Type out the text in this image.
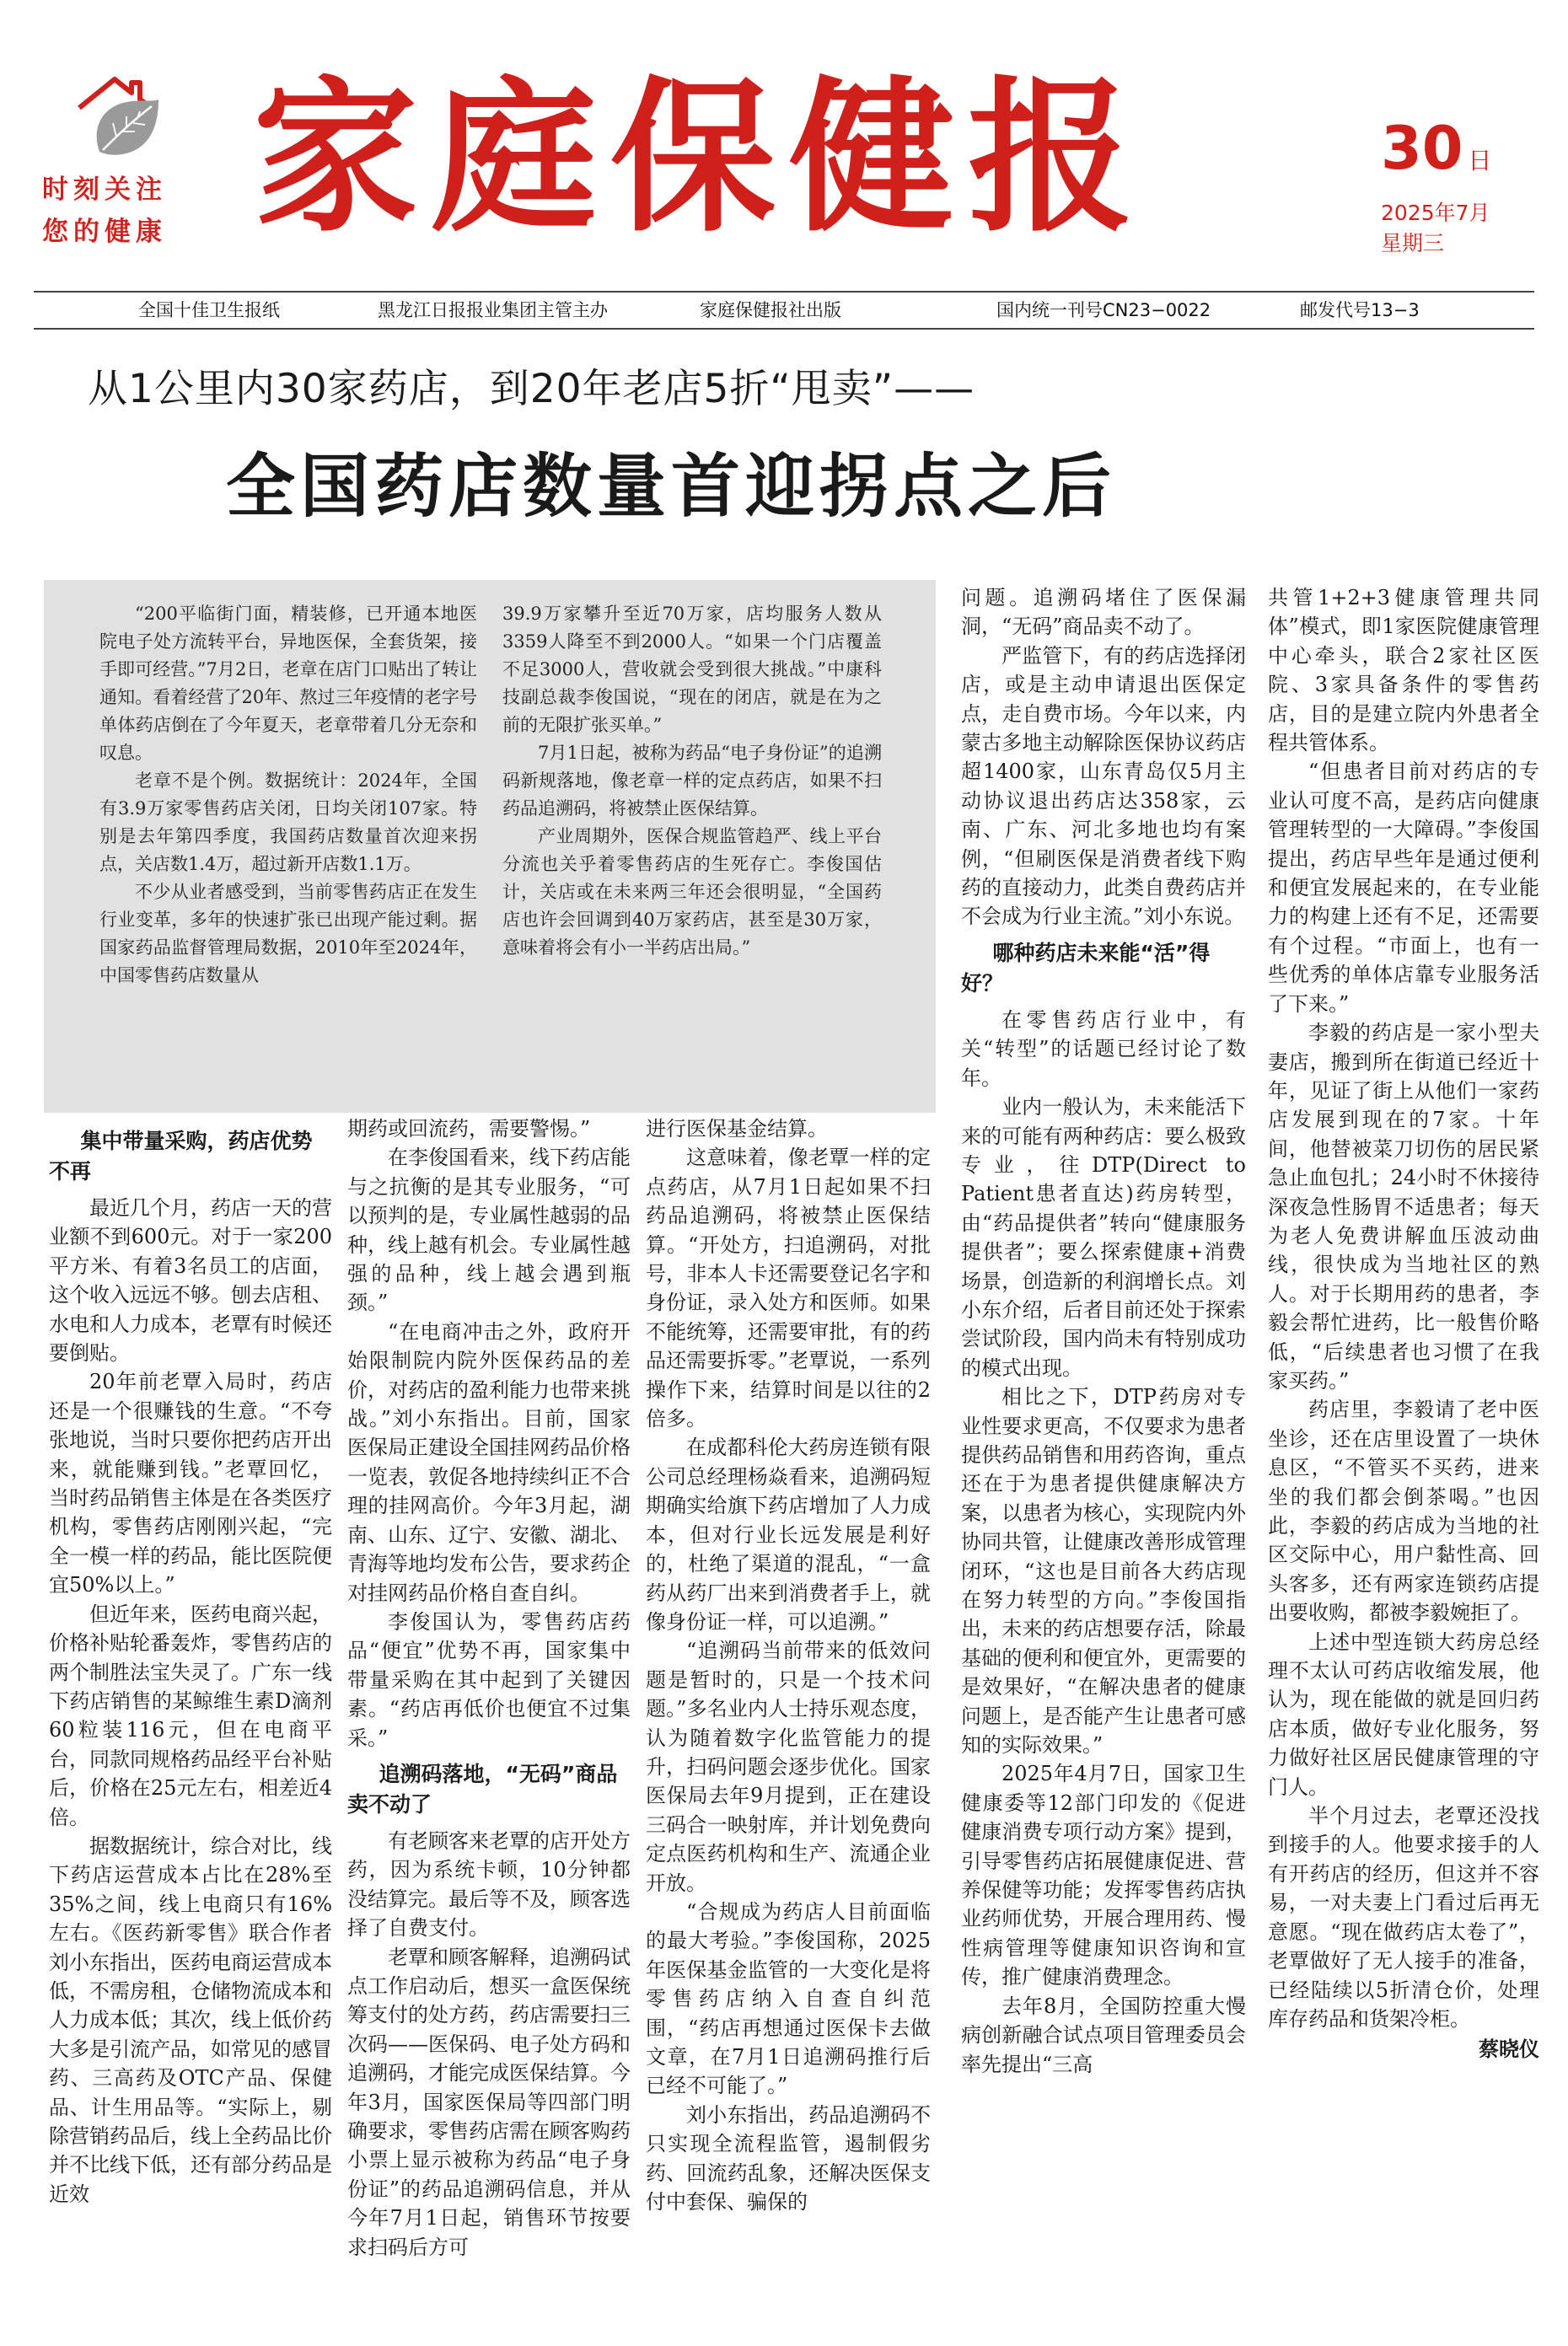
时刻关注
您的健康 家庭保健报	30 日
2025年7月
星期三
全国十佳卫生报纸	黑龙江日报报业集团主管主办	家庭保健报社出版	国内统一刊号CN23−0022	邮发代号13−3
从1公里内30家药店，到20年老店5折“甩卖”——
全国药店数量首迎拐点之后

“200平临街门面，精装修，已开通本地医院电子处方流转平台，异地医保，全套货架，接手即可经营。”7月2日，老章在店门口贴出了转让通知。看着经营了20年、熬过三年疫情的老字号单体药店倒在了今年夏天，老章带着几分无奈和叹息。

老章不是个例。数据统计：2024年，全国有3.9万家零售药店关闭，日均关闭107家。特别是去年第四季度，我国药店数量首次迎来拐点，关店数1.4万，超过新开店数1.1万。

不少从业者感受到，当前零售药店正在发生行业变革，多年的快速扩张已出现产能过剩。据国家药品监督管理局数据，2010年至2024年，中国零售药店数量从

39.9万家攀升至近70万家，店均服务人数从3359人降至不到2000人。“如果一个门店覆盖不足3000人，营收就会受到很大挑战。”中康科技副总裁李俊国说，“现在的闭店，就是在为之前的无限扩张买单。”

7月1日起，被称为药品“电子身份证”的追溯码新规落地，像老章一样的定点药店，如果不扫药品追溯码，将被禁止医保结算。

产业周期外，医保合规监管趋严、线上平台分流也关乎着零售药店的生死存亡。李俊国估计，关店或在未来两三年还会很明显，“全国药店也许会回调到40万家药店，甚至是30万家，意味着将会有小一半药店出局。”

集中带量采购，药店优势不再

最近几个月，药店一天的营业额不到600元。对于一家200平方米、有着3名员工的店面，这个收入远远不够。刨去店租、水电和人力成本，老覃有时候还要倒贴。

20年前老覃入局时，药店还是一个很赚钱的生意。“不夸张地说，当时只要你把药店开出来，就能赚到钱。”老覃回忆，当时药品销售主体是在各类医疗机构，零售药店刚刚兴起，“完全一模一样的药品，能比医院便宜50%以上。”

但近年来，医药电商兴起，价格补贴轮番轰炸，零售药店的两个制胜法宝失灵了。广东一线下药店销售的某鲸维生素D滴剂60粒装116元，但在电商平台，同款同规格药品经平台补贴后，价格在25元左右，相差近4倍。

据数据统计，综合对比，线下药店运营成本占比在28%至35%之间，线上电商只有16%左右。《医药新零售》联合作者刘小东指出，医药电商运营成本低，不需房租，仓储物流成本和人力成本低；其次，线上低价药大多是引流产品，如常见的感冒药、三高药及OTC产品、保健品、计生用品等。“实际上，剔除营销药品后，线上全药品比价并不比线下低，还有部分药品是近效

期药或回流药，需要警惕。”

在李俊国看来，线下药店能与之抗衡的是其专业服务，“可以预判的是，专业属性越弱的品种，线上越有机会。专业属性越强的品种，线上越会遇到瓶颈。”

“在电商冲击之外，政府开始限制院内院外医保药品的差价，对药店的盈利能力也带来挑战。”刘小东指出。目前，国家医保局正建设全国挂网药品价格一览表，敦促各地持续纠正不合理的挂网高价。今年3月起，湖南、山东、辽宁、安徽、湖北、青海等地均发布公告，要求药企对挂网药品价格自查自纠。

李俊国认为，零售药店药品“便宜”优势不再，国家集中带量采购在其中起到了关键因素。“药店再低价也便宜不过集采。”

追溯码落地，“无码”商品卖不动了

有老顾客来老覃的店开处方药，因为系统卡顿，10分钟都没结算完。最后等不及，顾客选择了自费支付。

老覃和顾客解释，追溯码试点工作启动后，想买一盒医保统筹支付的处方药，药店需要扫三次码——医保码、电子处方码和追溯码，才能完成医保结算。今年3月，国家医保局等四部门明确要求，零售药店需在顾客购药小票上显示被称为药品“电子身份证”的药品追溯码信息，并从今年7月1日起，销售环节按要求扫码后方可

进行医保基金结算。

这意味着，像老覃一样的定点药店，从7月1日起如果不扫药品追溯码，将被禁止医保结算。“开处方，扫追溯码，对批号，非本人卡还需要登记名字和身份证，录入处方和医师。如果不能统筹，还需要审批，有的药品还需要拆零。”老覃说，一系列操作下来，结算时间是以往的2倍多。

在成都科伦大药房连锁有限公司总经理杨焱看来，追溯码短期确实给旗下药店增加了人力成本，但对行业长远发展是利好的，杜绝了渠道的混乱，“一盒药从药厂出来到消费者手上，就像身份证一样，可以追溯。”

“追溯码当前带来的低效问题是暂时的，只是一个技术问题。”多名业内人士持乐观态度，认为随着数字化监管能力的提升，扫码问题会逐步优化。国家医保局去年9月提到，正在建设三码合一映射库，并计划免费向定点医药机构和生产、流通企业开放。

“合规成为药店人目前面临的最大考验。”李俊国称，2025年医保基金监管的一大变化是将零售药店纳入自查自纠范围，“药店再想通过医保卡去做文章，在7月1日追溯码推行后已经不可能了。”

刘小东指出，药品追溯码不只实现全流程监管，遏制假劣药、回流药乱象，还解决医保支付中套保、骗保的

问题。追溯码堵住了医保漏洞，“无码”商品卖不动了。

严监管下，有的药店选择闭店，或是主动申请退出医保定点，走自费市场。今年以来，内蒙古多地主动解除医保协议药店超1400家，山东青岛仅5月主动协议退出药店达358家，云南、广东、河北多地也均有案例，“但刷医保是消费者线下购药的直接动力，此类自费药店并不会成为行业主流。”刘小东说。

哪种药店未来能“活”得好？

在零售药店行业中，有关“转型”的话题已经讨论了数年。

业内一般认为，未来能活下来的可能有两种药店：要么极致专业，往DTP(Direct to Patient患者直达)药房转型，由“药品提供者”转向“健康服务提供者”；要么探索健康+消费场景，创造新的利润增长点。刘小东介绍，后者目前还处于探索尝试阶段，国内尚未有特别成功的模式出现。

相比之下，DTP药房对专业性要求更高，不仅要求为患者提供药品销售和用药咨询，重点还在于为患者提供健康解决方案，以患者为核心，实现院内外协同共管，让健康改善形成管理闭环，“这也是目前各大药店现在努力转型的方向。”李俊国指出，未来的药店想要存活，除最基础的便利和便宜外，更需要的是效果好，“在解决患者的健康问题上，是否能产生让患者可感知的实际效果。”

2025年4月7日，国家卫生健康委等12部门印发的《促进健康消费专项行动方案》提到，引导零售药店拓展健康促进、营养保健等功能；发挥零售药店执业药师优势，开展合理用药、慢性病管理等健康知识咨询和宣传，推广健康消费理念。

去年8月，全国防控重大慢病创新融合试点项目管理委员会率先提出“三高

共管1+2+3健康管理共同体”模式，即1家医院健康管理中心牵头，联合2家社区医院、3家具备条件的零售药店，目的是建立院内外患者全程共管体系。

“但患者目前对药店的专业认可度不高，是药店向健康管理转型的一大障碍。”李俊国提出，药店早些年是通过便利和便宜发展起来的，在专业能力的构建上还有不足，还需要有个过程。“市面上，也有一些优秀的单体店靠专业服务活了下来。”

李毅的药店是一家小型夫妻店，搬到所在街道已经近十年，见证了街上从他们一家药店发展到现在的7家。十年间，他替被菜刀切伤的居民紧急止血包扎；24小时不休接待深夜急性肠胃不适患者；每天为老人免费讲解血压波动曲线，很快成为当地社区的熟人。对于长期用药的患者，李毅会帮忙进药，比一般售价略低，“后续患者也习惯了在我家买药。”

药店里，李毅请了老中医坐诊，还在店里设置了一块休息区，“不管买不买药，进来坐的我们都会倒茶喝。”也因此，李毅的药店成为当地的社区交际中心，用户黏性高、回头客多，还有两家连锁药店提出要收购，都被李毅婉拒了。

上述中型连锁大药房总经理不太认可药店收缩发展，他认为，现在能做的就是回归药店本质，做好专业化服务，努力做好社区居民健康管理的守门人。

半个月过去，老覃还没找到接手的人。他要求接手的人有开药店的经历，但这并不容易，一对夫妻上门看过后再无意愿。“现在做药店太卷了”，老覃做好了无人接手的准备，已经陆续以5折清仓价，处理库存药品和货架冷柜。

蔡晓仪
